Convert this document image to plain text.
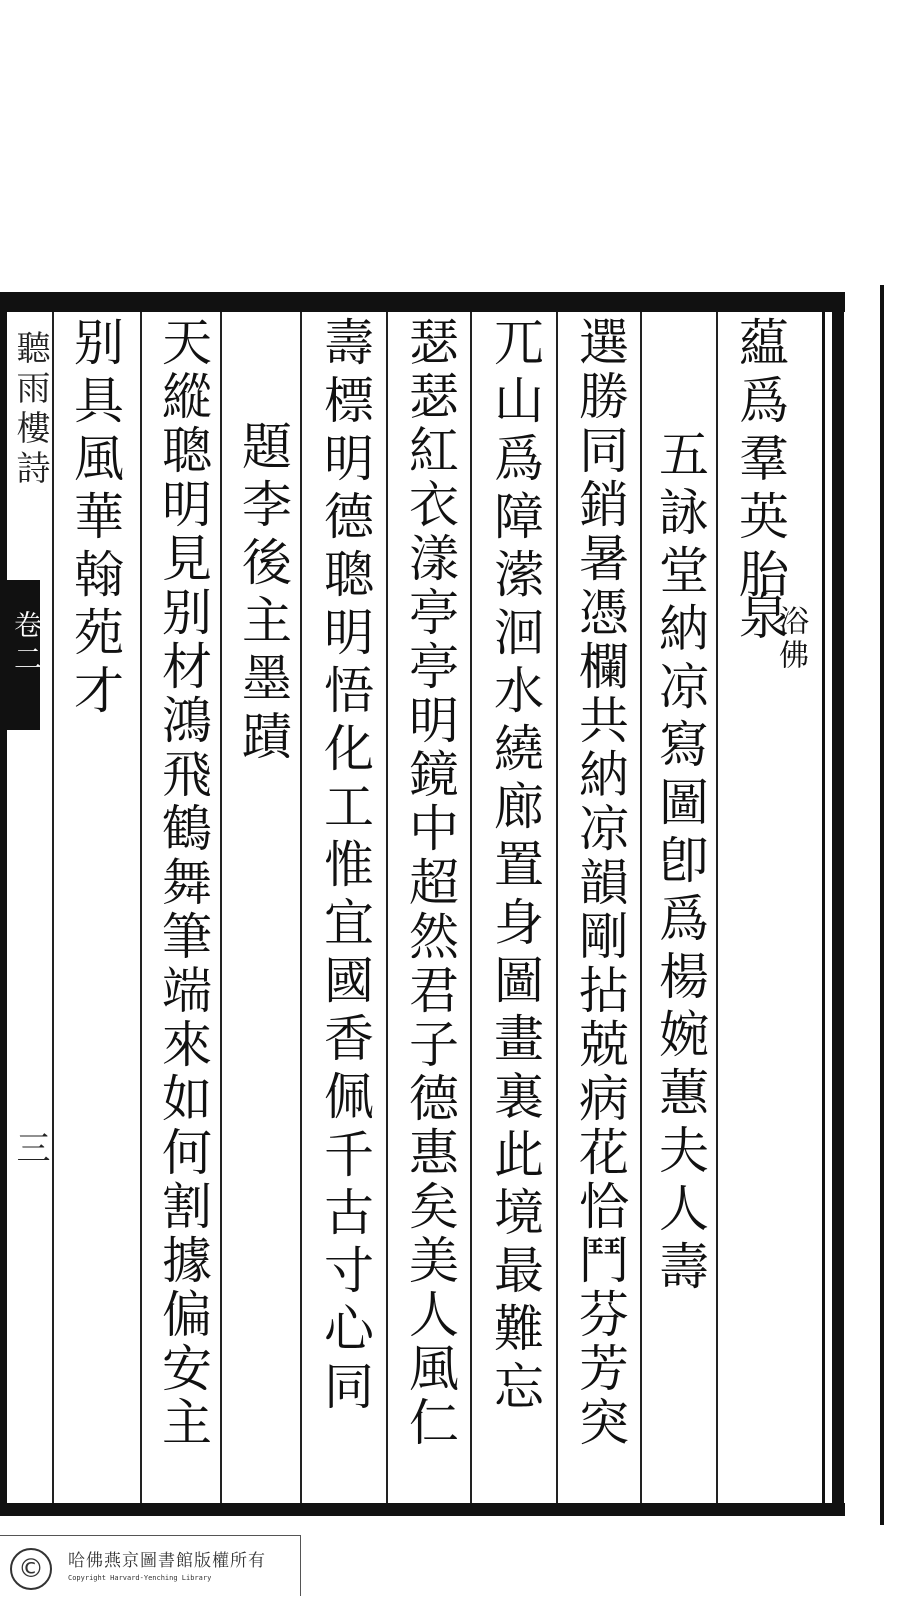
藴爲羣英胎
浴佛
泉
五詠堂納凉寫圖卽爲楊婉蕙夫人壽
選勝同銷暑憑欄共納凉韻剛拈兢病花恰鬥芬芳突
兀山爲障潆洄水繞廊置身圖畫裏此境最難忘
瑟瑟紅衣漾亭亭明鏡中超然君子德惠矣美人風仁
壽標明德聰明悟化工惟宜國香佩千古寸心同
題李後主墨蹟
天縱聰明見别材鴻飛鶴舞筆端來如何割據偏安主
别具風華翰苑才
聽雨樓詩
卷二
三
©	哈佛燕京圖書館版權所有
Copyright Harvard-Yenching Library
